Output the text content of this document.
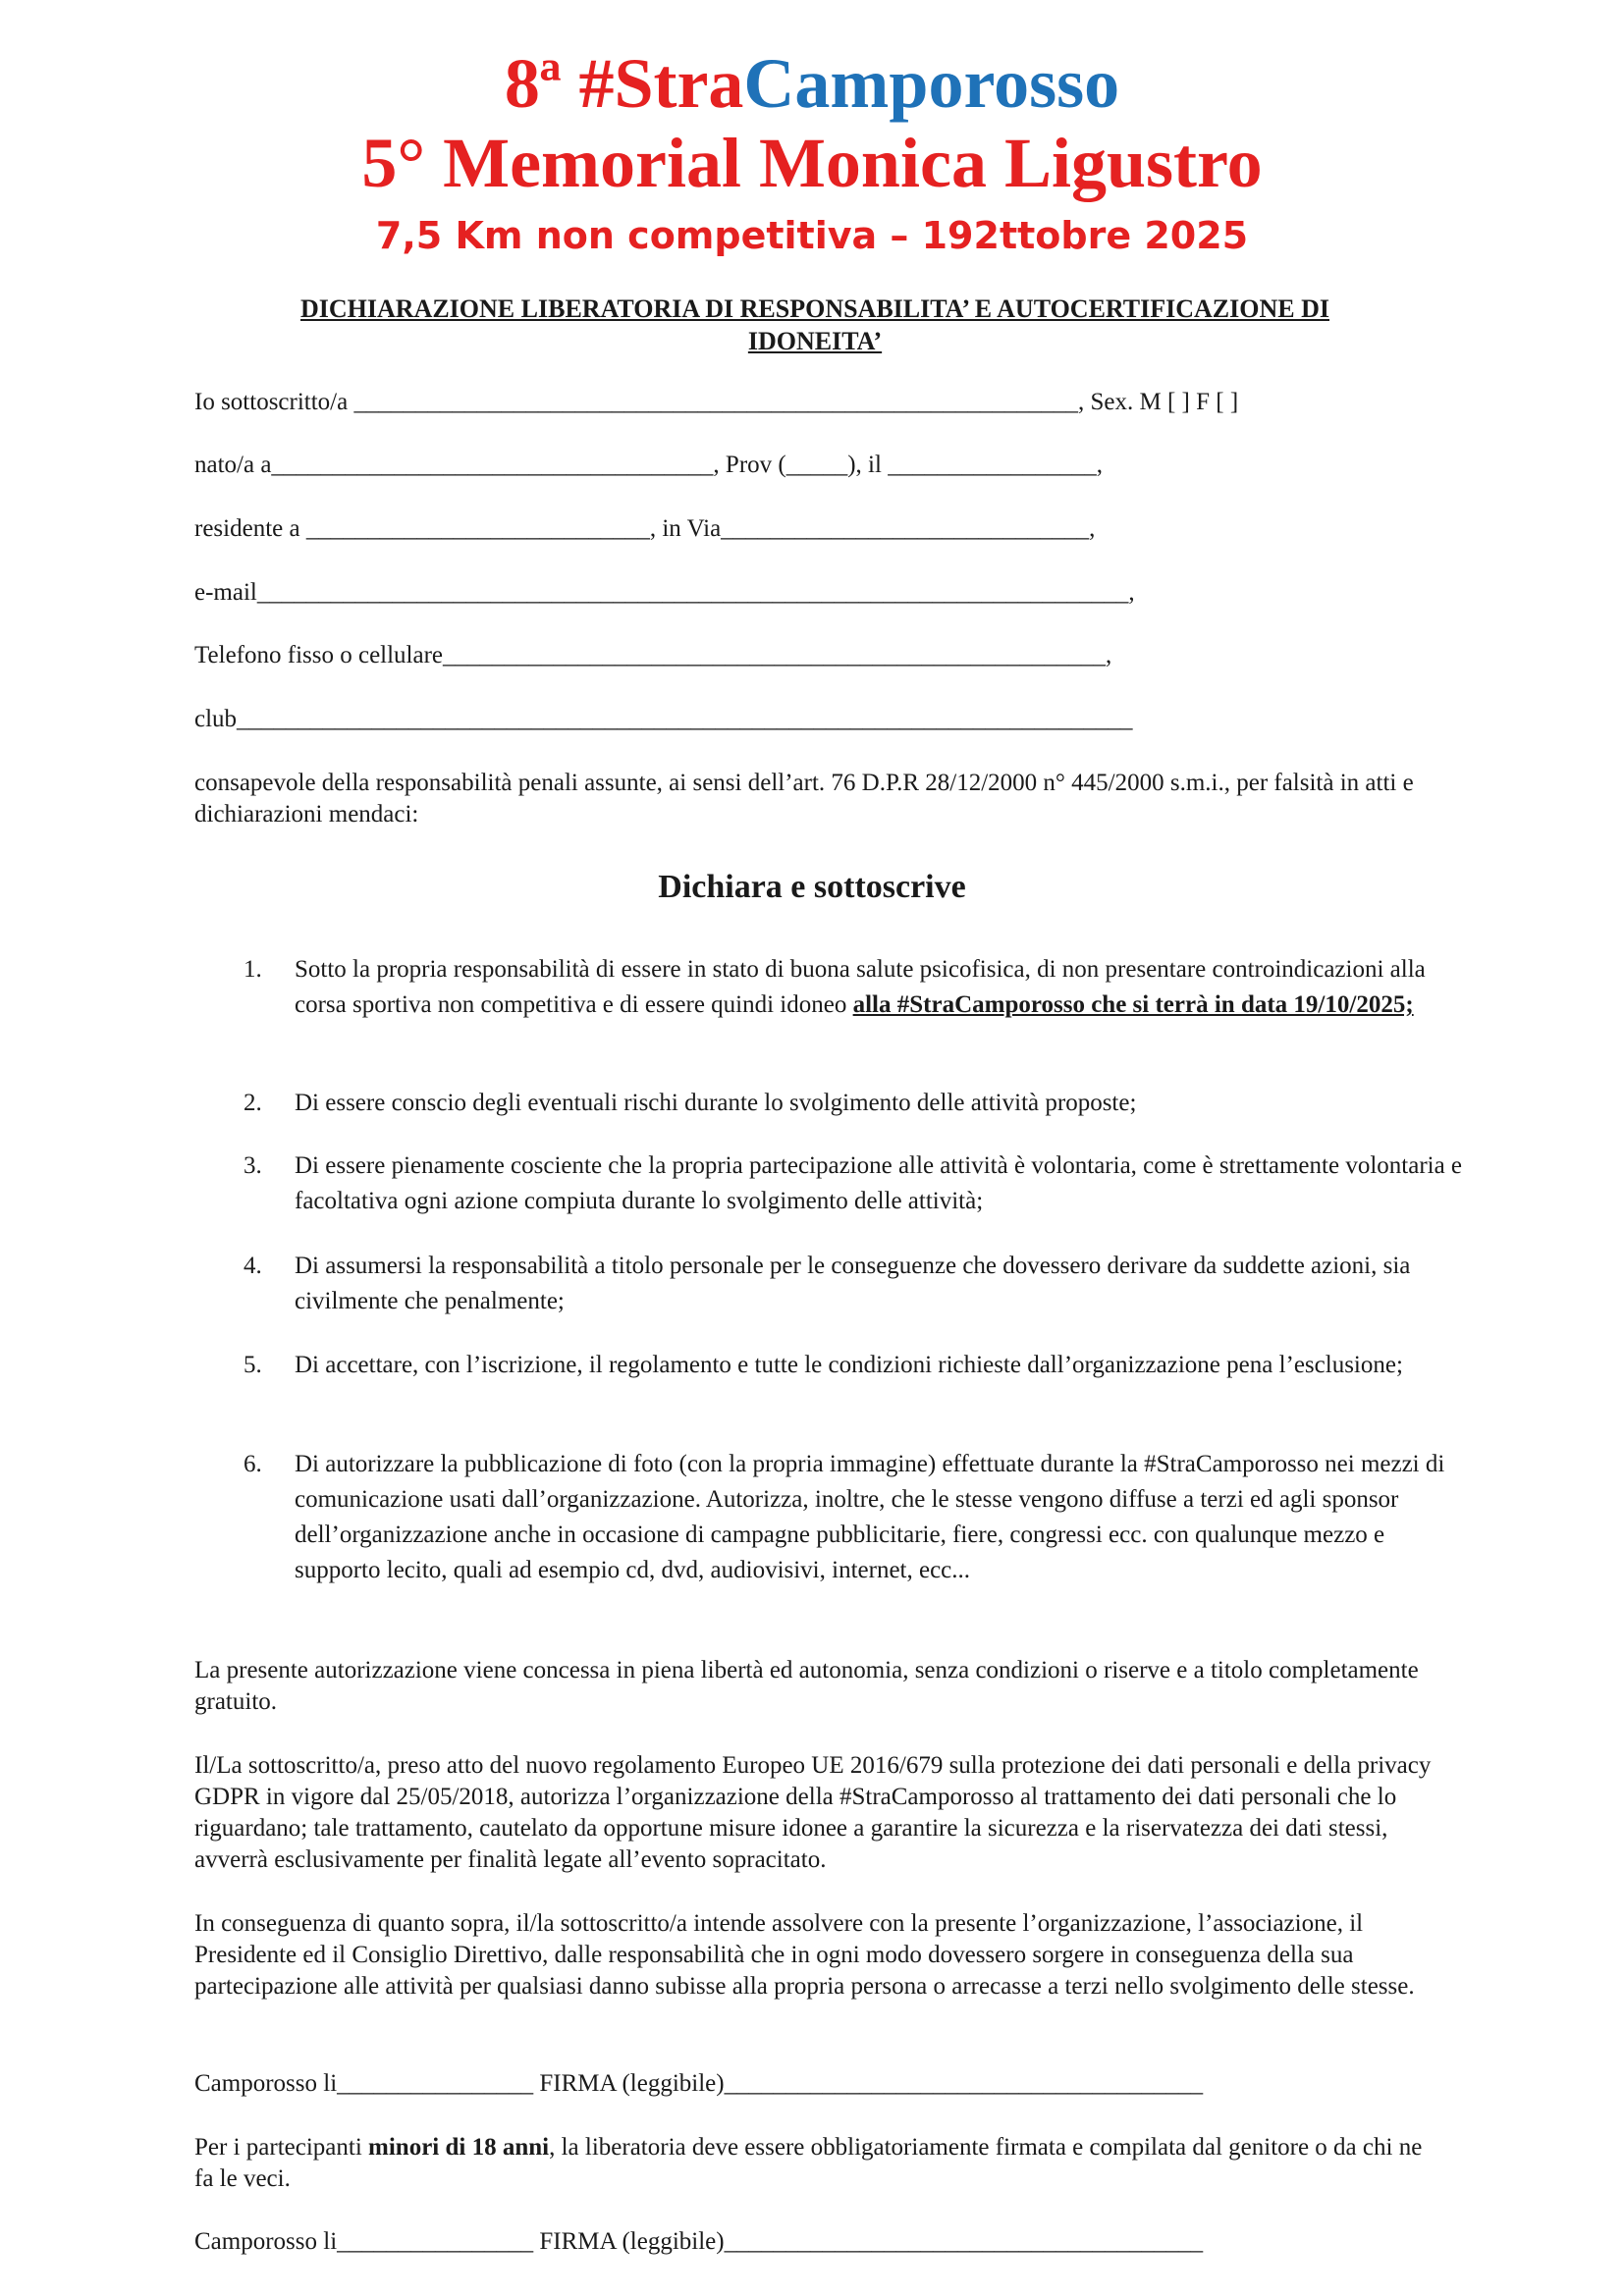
8ª #StraCamporosso
5° Memorial Monica Ligustro
7,5 Km non competitiva – 192ttobre 2025
DICHIARAZIONE LIBERATORIA DI RESPONSABILITA’ E AUTOCERTIFICAZIONE DI IDONEITA’
Io sottoscritto/a ___________________________________________________________, Sex. M [ ] F [ ]
nato/a a____________________________________, Prov (_____), il _________________,
residente a ____________________________, in Via______________________________,
e-mail_______________________________________________________________________,
Telefono fisso o cellulare______________________________________________________,
club_________________________________________________________________________
consapevole della responsabilità penali assunte, ai sensi dell’art. 76 D.P.R 28/12/2000 n° 445/2000 s.m.i., per falsità in atti e dichiarazioni mendaci:
Dichiara e sottoscrive
1. Sotto la propria responsabilità di essere in stato di buona salute psicofisica, di non presentare controindicazioni alla corsa sportiva non competitiva e di essere quindi idoneo alla #StraCamporosso che si terrà in data 19/10/2025;
2. Di essere conscio degli eventuali rischi durante lo svolgimento delle attività proposte;
3. Di essere pienamente cosciente che la propria partecipazione alle attività è volontaria, come è strettamente volontaria e facoltativa ogni azione compiuta durante lo svolgimento delle attività;
4. Di assumersi la responsabilità a titolo personale per le conseguenze che dovessero derivare da suddette azioni, sia civilmente che penalmente;
5. Di accettare, con l’iscrizione, il regolamento e tutte le condizioni richieste dall’organizzazione pena l’esclusione;
6. Di autorizzare la pubblicazione di foto (con la propria immagine) effettuate durante la #StraCamporosso nei mezzi di comunicazione usati dall’organizzazione. Autorizza, inoltre, che le stesse vengono diffuse a terzi ed agli sponsor dell’organizzazione anche in occasione di campagne pubblicitarie, fiere, congressi ecc. con qualunque mezzo e supporto lecito, quali ad esempio cd, dvd, audiovisivi, internet, ecc...
La presente autorizzazione viene concessa in piena libertà ed autonomia, senza condizioni o riserve e a titolo completamente gratuito.
Il/La sottoscritto/a, preso atto del nuovo regolamento Europeo UE 2016/679 sulla protezione dei dati personali e della privacy GDPR in vigore dal 25/05/2018, autorizza l’organizzazione della #StraCamporosso al trattamento dei dati personali che lo riguardano; tale trattamento, cautelato da opportune misure idonee a garantire la sicurezza e la riservatezza dei dati stessi, avverrà esclusivamente per finalità legate all’evento sopracitato.
In conseguenza di quanto sopra, il/la sottoscritto/a intende assolvere con la presente l’organizzazione, l’associazione, il Presidente ed il Consiglio Direttivo, dalle responsabilità che in ogni modo dovessero sorgere in conseguenza della sua partecipazione alle attività per qualsiasi danno subisse alla propria persona o arrecasse a terzi nello svolgimento delle stesse.
Camporosso li________________ FIRMA (leggibile)_______________________________________
Per i partecipanti minori di 18 anni, la liberatoria deve essere obbligatoriamente firmata e compilata dal genitore o da chi ne fa le veci.
Camporosso li________________ FIRMA (leggibile)_______________________________________
